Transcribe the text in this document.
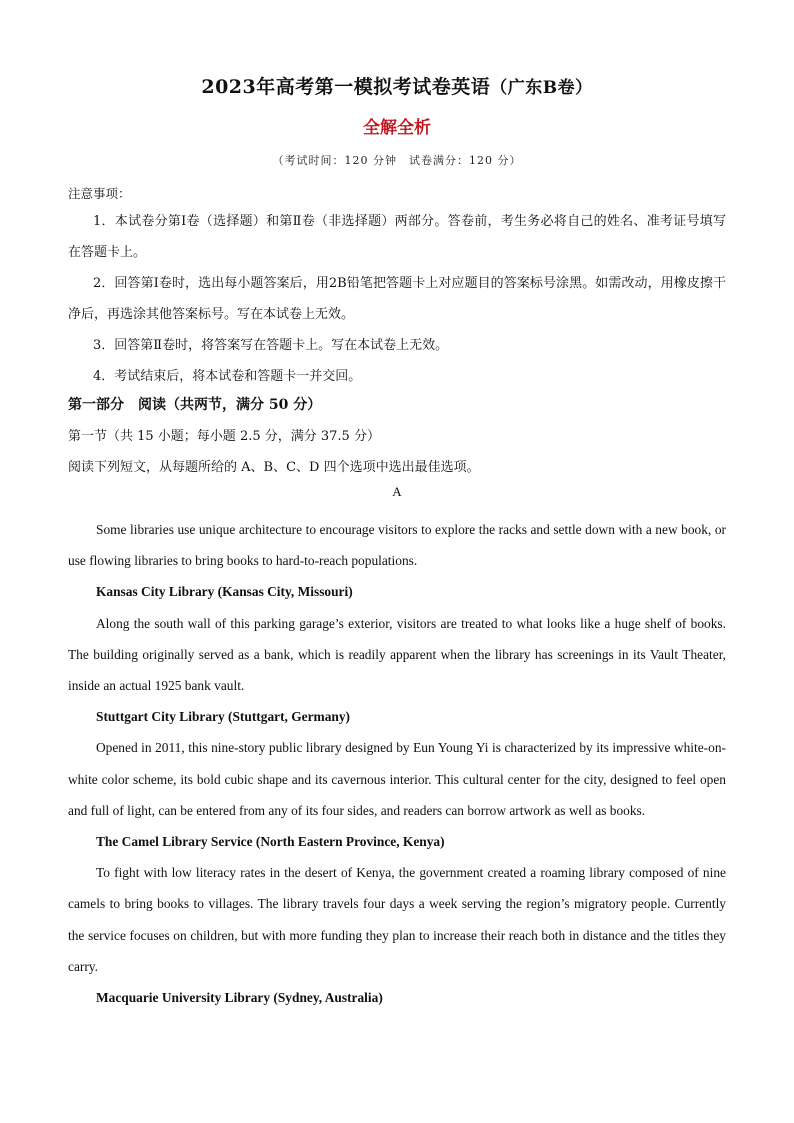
2023年高考第一模拟考试卷英语（广东B卷）
全解全析
（考试时间：120 分钟　试卷满分：120 分）
注意事项：

1．本试卷分第Ⅰ卷（选择题）和第Ⅱ卷（非选择题）两部分。答卷前，考生务必将自己的姓名、准考证号填写在答题卡上。

2．回答第Ⅰ卷时，选出每小题答案后，用2B铅笔把答题卡上对应题目的答案标号涂黑。如需改动，用橡皮擦干净后，再选涂其他答案标号。写在本试卷上无效。

3．回答第Ⅱ卷时，将答案写在答题卡上。写在本试卷上无效。

4．考试结束后，将本试卷和答题卡一并交回。

第一部分　阅读（共两节，满分 50 分）
第一节（共 15 小题；每小题 2.5 分，满分 37.5 分）
阅读下列短文，从每题所给的 A、B、C、D 四个选项中选出最佳选项。
A

Some libraries use unique architecture to encourage visitors to explore the racks and settle down with a new book, or use flowing libraries to bring books to hard-to-reach populations.

Kansas City Library (Kansas City, Missouri)

Along the south wall of this parking garage’s exterior, visitors are treated to what looks like a huge shelf of books. The building originally served as a bank, which is readily apparent when the library has screenings in its Vault Theater, inside an actual 1925 bank vault.

Stuttgart City Library (Stuttgart, Germany)

Opened in 2011, this nine-story public library designed by Eun Young Yi is characterized by its impressive white-on-white color scheme, its bold cubic shape and its cavernous interior. This cultural center for the city, designed to feel open and full of light, can be entered from any of its four sides, and readers can borrow artwork as well as books.

The Camel Library Service (North Eastern Province, Kenya)

To fight with low literacy rates in the desert of Kenya, the government created a roaming library composed of nine camels to bring books to villages. The library travels four days a week serving the region’s migratory people. Currently the service focuses on children, but with more funding they plan to increase their reach both in distance and the titles they carry.

Macquarie University Library (Sydney, Australia)
